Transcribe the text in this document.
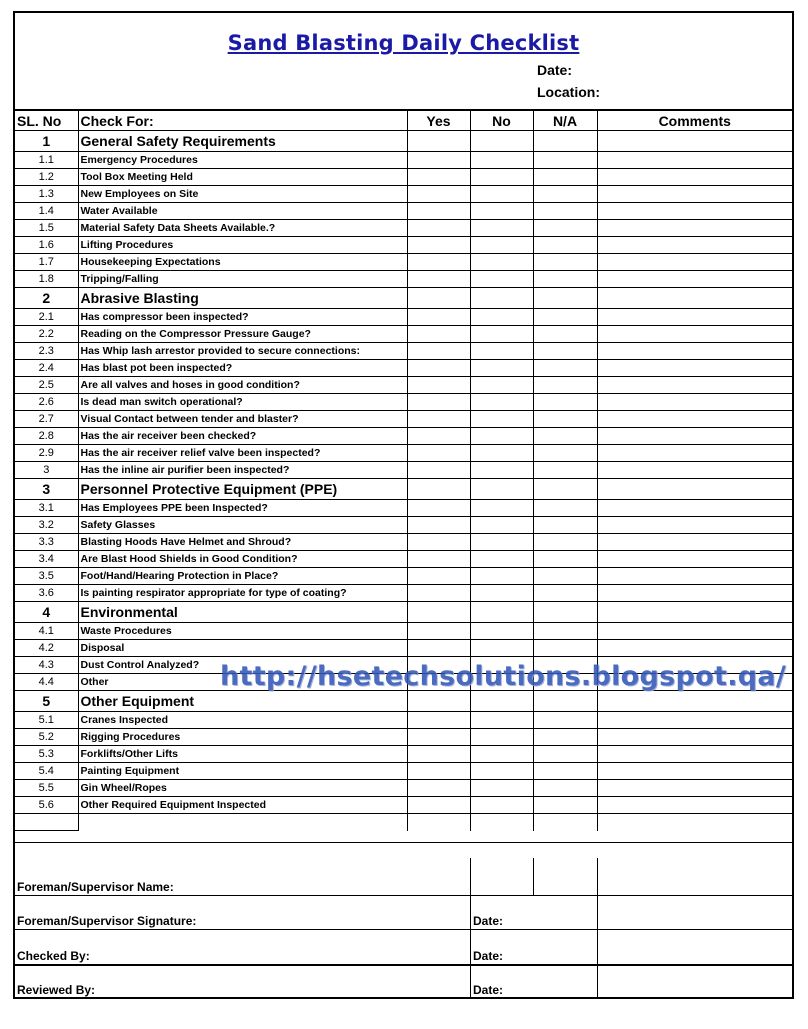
Sand Blasting Daily Checklist
Date:
Location:
SL. No	Check For:	Yes	No	N/A	Comments
1	General Safety Requirements				
1.1	Emergency Procedures				
1.2	Tool Box Meeting Held				
1.3	New Employees on Site				
1.4	Water Available				
1.5	Material Safety Data Sheets Available.?				
1.6	Lifting Procedures				
1.7	Housekeeping Expectations				
1.8	Tripping/Falling				
2	Abrasive Blasting				
2.1	Has compressor been inspected?				
2.2	Reading on the Compressor Pressure Gauge?				
2.3	Has Whip lash arrestor provided to secure connections:				
2.4	Has blast pot been inspected?				
2.5	Are all valves and hoses in good condition?				
2.6	Is dead man switch operational?				
2.7	Visual Contact between tender and blaster?				
2.8	Has the air receiver been checked?				
2.9	Has the air receiver relief valve been inspected?				
3	Has the inline air purifier been inspected?				
3	Personnel Protective Equipment (PPE)				
3.1	Has Employees PPE been Inspected?				
3.2	Safety Glasses				
3.3	Blasting Hoods Have Helmet and Shroud?				
3.4	Are Blast Hood Shields in Good Condition?				
3.5	Foot/Hand/Hearing Protection in Place?				
3.6	Is painting respirator appropriate for type of coating?				
4	Environmental				
4.1	Waste Procedures				
4.2	Disposal				
4.3	Dust Control Analyzed?				
4.4	Other				
5	Other Equipment				
5.1	Cranes Inspected				
5.2	Rigging Procedures				
5.3	Forklifts/Other Lifts				
5.4	Painting Equipment				
5.5	Gin Wheel/Ropes				
5.6	Other Required Equipment Inspected				

Foreman/Supervisor Name:
Foreman/Supervisor Signature:	Date:
Checked By:	Date:
Reviewed By:	Date:
http://hsetechsolutions.blogspot.qa/
